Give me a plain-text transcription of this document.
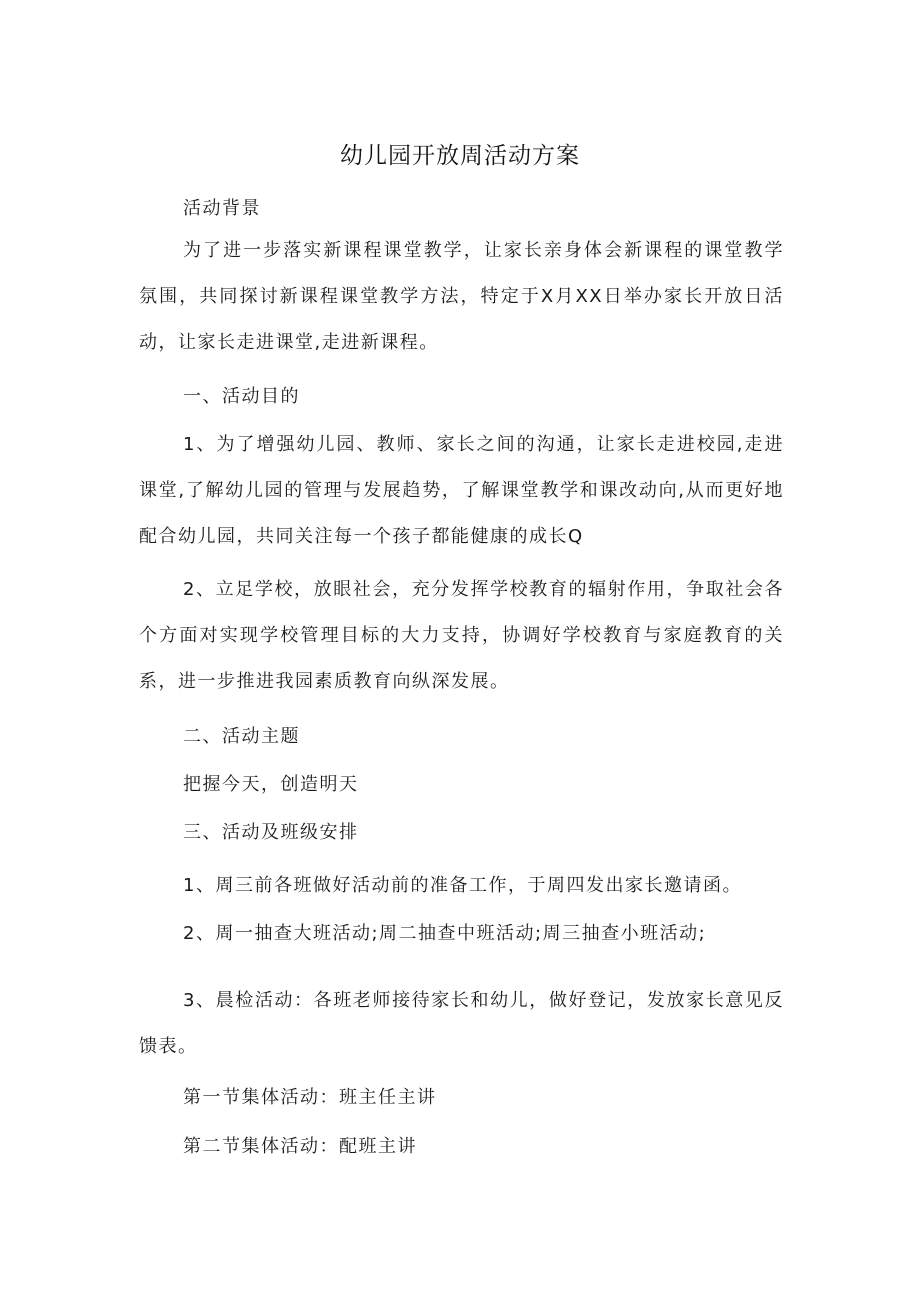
幼儿园开放周活动方案

活动背景

为了进一步落实新课程课堂教学，让家长亲身体会新课程的课堂教学氛围，共同探讨新课程课堂教学方法，特定于X月XX日举办家长开放日活动，让家长走进课堂,走进新课程。

一、活动目的

1、为了增强幼儿园、教师、家长之间的沟通，让家长走进校园,走进课堂,了解幼儿园的管理与发展趋势，了解课堂教学和课改动向,从而更好地配合幼儿园，共同关注每一个孩子都能健康的成长Q

2、立足学校，放眼社会，充分发挥学校教育的辐射作用，争取社会各个方面对实现学校管理目标的大力支持，协调好学校教育与家庭教育的关系，进一步推进我园素质教育向纵深发展。

二、活动主题

把握今天，创造明天

三、活动及班级安排

1、周三前各班做好活动前的准备工作，于周四发出家长邀请函。

2、周一抽查大班活动;周二抽查中班活动;周三抽查小班活动;

3、晨检活动：各班老师接待家长和幼儿，做好登记，发放家长意见反馈表。

第一节集体活动：班主任主讲

第二节集体活动：配班主讲
